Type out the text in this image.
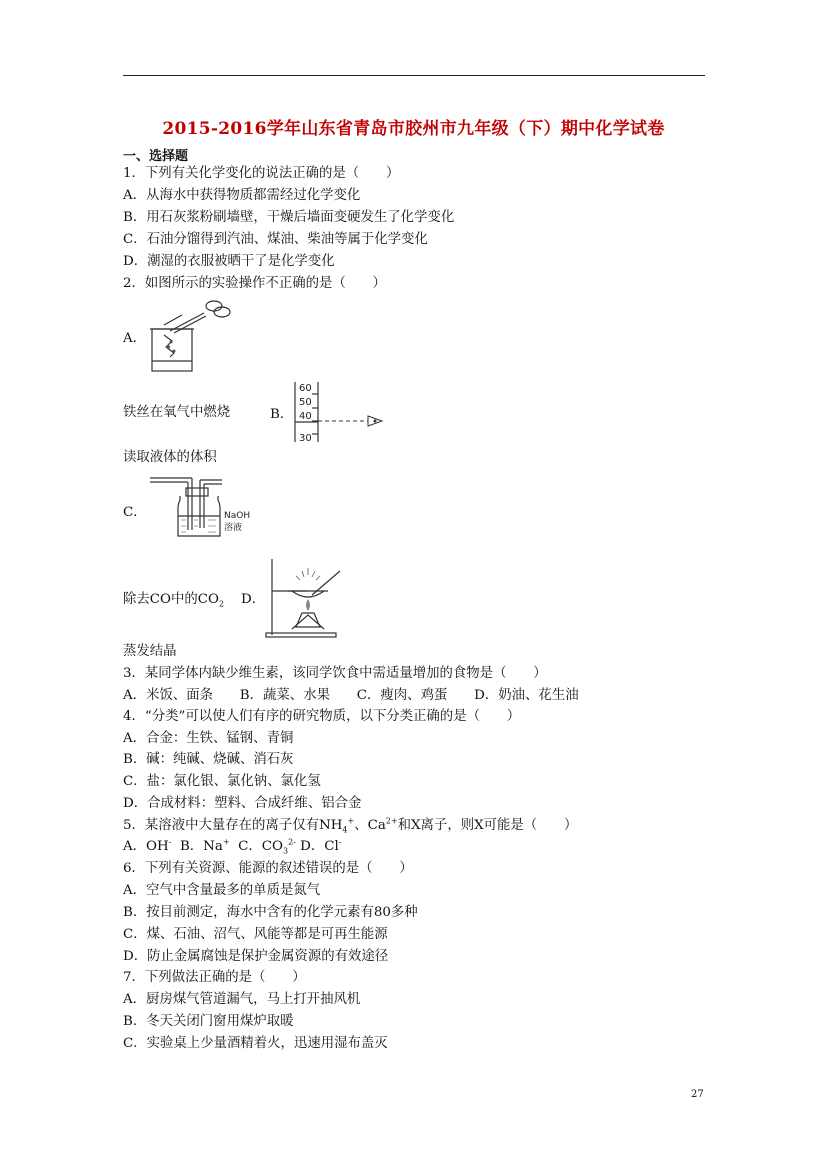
2015-2016学年山东省青岛市胶州市九年级（下）期中化学试卷
一、选择题
1．下列有关化学变化的说法正确的是（　　）
A．从海水中获得物质都需经过化学变化
B．用石灰浆粉刷墙壁，干燥后墙面变硬发生了化学变化
C．石油分馏得到汽油、煤油、柴油等属于化学变化
D．潮湿的衣服被晒干了是化学变化
2．如图所示的实验操作不正确的是（　　）
A．
铁丝在氧气中燃烧	B．
60
50
40
30
读取液体的体积
NaOH
溶液
C．
除去CO中的$CO_2$ D．
蒸发结晶
3．某同学体内缺少维生素，该同学饮食中需适量增加的食物是（　　）
A．米饭、面条　　B．蔬菜、水果　　C．瘦肉、鸡蛋　　D．奶油、花生油
4．“分类”可以使人们有序的研究物质，以下分类正确的是（　　）
A．合金：生铁、锰钢、青铜
B．碱：纯碱、烧碱、消石灰
C．盐：氯化银、氯化钠、氯化氢
D．合成材料：塑料、合成纤维、铝合金
5．某溶液中大量存在的离子仅有$NH_4^+$、$Ca^{2+}$和X离子，则X可能是（　　）
A．OH- B．Na+ C．$CO_3^{2-}$ D．Cl-
6．下列有关资源、能源的叙述错误的是（　　）
A．空气中含量最多的单质是氮气
B．按目前测定，海水中含有的化学元素有80多种
C．煤、石油、沼气、风能等都是可再生能源
D．防止金属腐蚀是保护金属资源的有效途径
7．下列做法正确的是（　　）
A．厨房煤气管道漏气，马上打开抽风机
B．冬天关闭门窗用煤炉取暖
C．实验桌上少量酒精着火，迅速用湿布盖灭
27
